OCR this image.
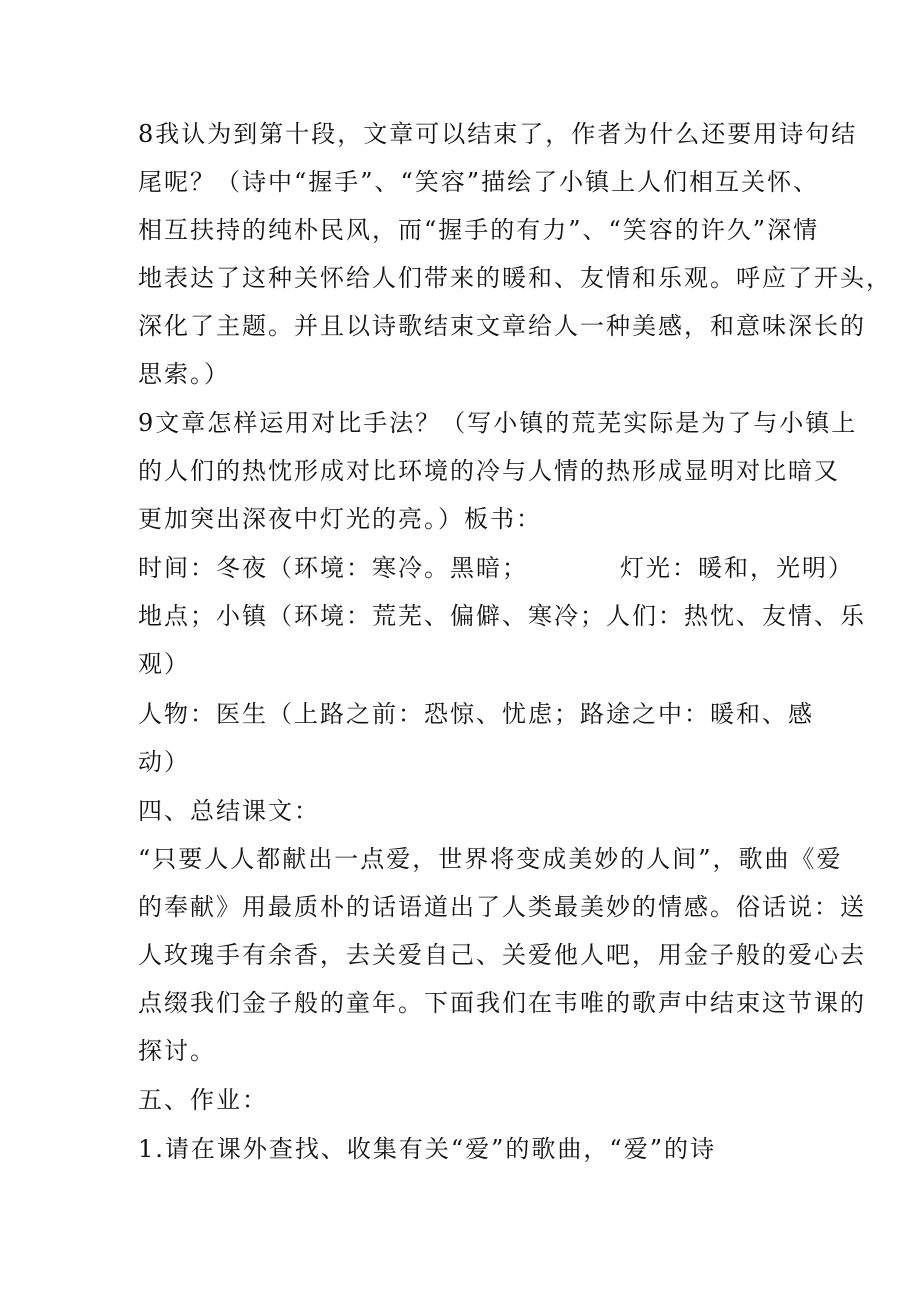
8我认为到第十段，文章可以结束了，作者为什么还要用诗句结
尾呢？（诗中“握手”、“笑容”描绘了小镇上人们相互关怀、
相互扶持的纯朴民风，而“握手的有力”、“笑容的许久”深情
地表达了这种关怀给人们带来的暖和、友情和乐观。呼应了开头，
深化了主题。并且以诗歌结束文章给人一种美感，和意味深长的
思索。）
9文章怎样运用对比手法？（写小镇的荒芜实际是为了与小镇上
的人们的热忱形成对比环境的冷与人情的热形成显明对比暗又
更加突出深夜中灯光的亮。）板书：
时间：冬夜（环境：寒冷。黑暗；	灯光：暖和，光明）
地点；小镇（环境：荒芜、偏僻、寒冷；人们：热忱、友情、乐
观）
人物：医生（上路之前：恐惊、忧虑；路途之中：暖和、感
动）
四、总结课文：
“只要人人都献出一点爱，世界将变成美妙的人间”，歌曲《爱
的奉献》用最质朴的话语道出了人类最美妙的情感。俗话说：送
人玫瑰手有余香，去关爱自己、关爱他人吧，用金子般的爱心去
点缀我们金子般的童年。下面我们在韦唯的歌声中结束这节课的
探讨。
五、作业：
1.请在课外查找、收集有关“爱”的歌曲，“爱”的诗
